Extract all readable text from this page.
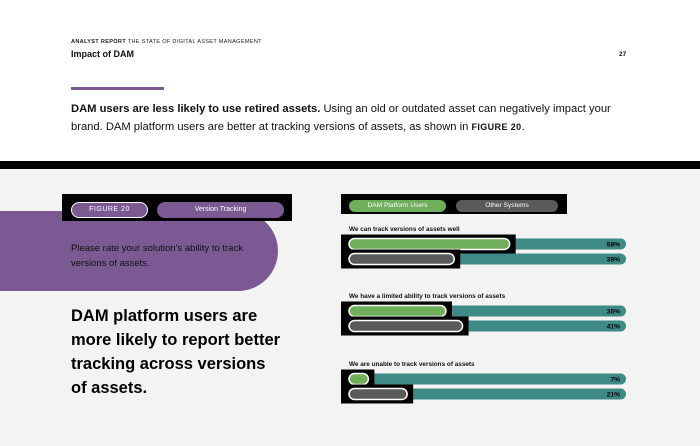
ANALYST REPORT THE STATE OF DIGITAL ASSET MANAGEMENT
Impact of DAM	27
DAM users are less likely to use retired assets. Using an old or outdated asset can negatively impact your brand. DAM platform users are better at tracking versions of assets, as shown in FIGURE 20.
FIGURE 20	Version Tracking
Please rate your solution’s ability to track versions of assets.
DAM platform users are more likely to report better tracking across versions of assets.
DAM Platform Users	Other Systems
We can track versions of assets well
58%
38%
We have a limited ability to track versions of assets
35%
41%
We are unable to track versions of assets
7%
21%
